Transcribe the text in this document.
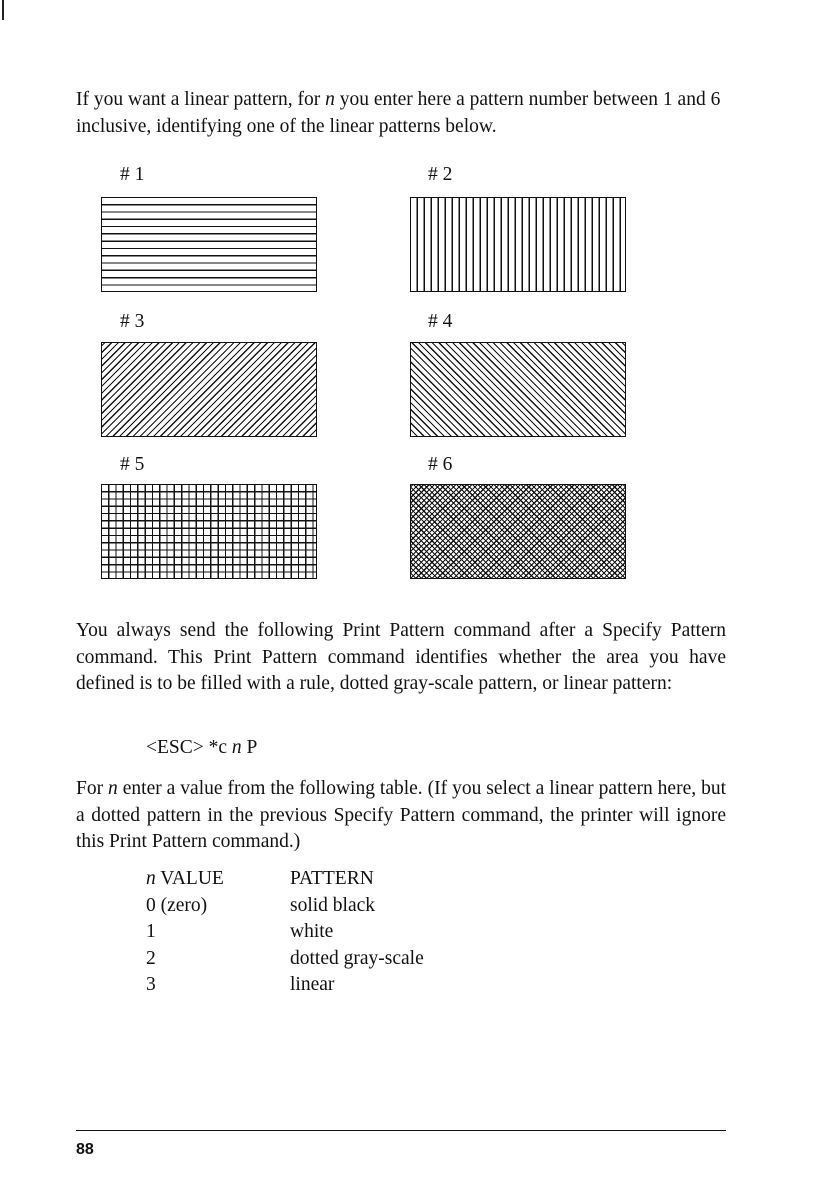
If you want a linear pattern, for n you enter here a pattern number between 1 and 6 inclusive, identifying one of the linear patterns below.

# 1	# 2
# 3	# 4
# 5	# 6

You always send the following Print Pattern command after a Specify Pattern command. This Print Pattern command identifies whether the area you have defined is to be filled with a rule, dotted gray-scale pattern, or linear pattern:

<ESC> *c n P

For n enter a value from the following table. (If you select a linear pattern here, but a dotted pattern in the previous Specify Pattern command, the printer will ignore this Print Pattern command.)

n VALUE	PATTERN
0 (zero)	solid black
1	white
2	dotted gray-scale
3	linear
88
